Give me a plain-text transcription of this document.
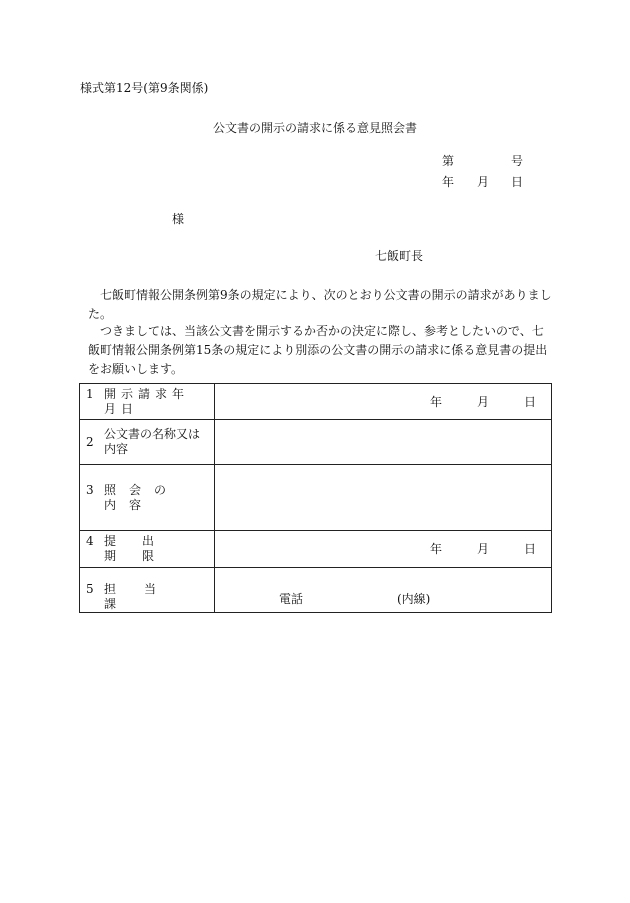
様式第12号(第9条関係)
公文書の開示の請求に係る意見照会書
第	号
年 月 日
様
七飯町長

七飯町情報公開条例第9条の規定により、次のとおり公文書の開示の請求がありました。

つきましては、当該公文書を開示するか否かの決定に際し、参考としたいので、七飯町情報公開条例第15条の規定により別添の公文書の開示の請求に係る意見書の提出をお願いします。

1 開示請求年月日	年 月 日

2公文書の名称又は内容	
3 照会の内容	
4 提出期限	年 月 日

5 担当課	電話 (内線)
